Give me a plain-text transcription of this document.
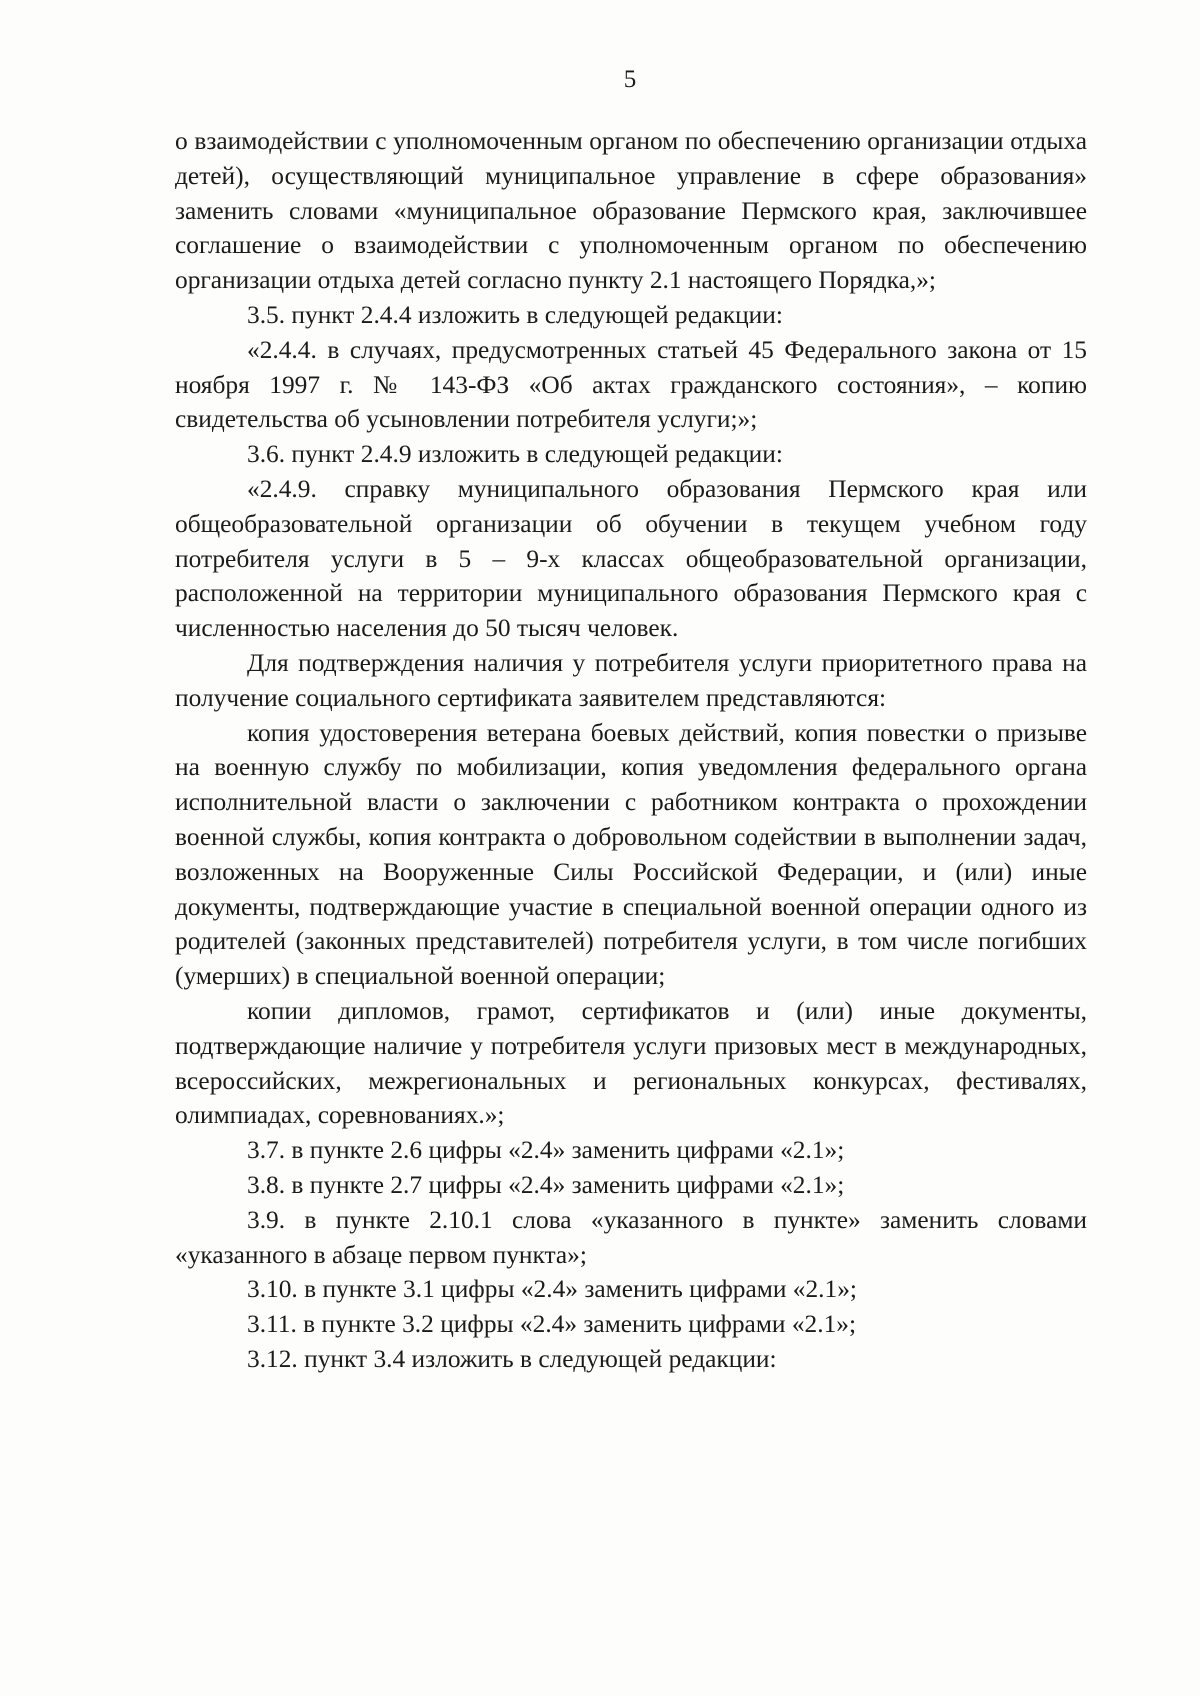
5

о взаимодействии с уполномоченным органом по обеспечению организации отдыха детей), осуществляющий муниципальное управление в сфере образования» заменить словами «муниципальное образование Пермского края, заключившее соглашение о взаимодействии с уполномоченным органом по обеспечению организации отдыха детей согласно пункту 2.1 настоящего Порядка,»;

3.5. пункт 2.4.4 изложить в следующей редакции:

«2.4.4. в случаях, предусмотренных статьей 45 Федерального закона от 15 ноября 1997 г. № 143-ФЗ «Об актах гражданского состояния», – копию свидетельства об усыновлении потребителя услуги;»;

3.6. пункт 2.4.9 изложить в следующей редакции:

«2.4.9. справку муниципального образования Пермского края или общеобразовательной организации об обучении в текущем учебном году потребителя услуги в 5 – 9-х классах общеобразовательной организации, расположенной на территории муниципального образования Пермского края с численностью населения до 50 тысяч человек.

Для подтверждения наличия у потребителя услуги приоритетного права на получение социального сертификата заявителем представляются:

копия удостоверения ветерана боевых действий, копия повестки о призыве на военную службу по мобилизации, копия уведомления федерального органа исполнительной власти о заключении с работником контракта о прохождении военной службы, копия контракта о добровольном содействии в выполнении задач, возложенных на Вооруженные Силы Российской Федерации, и (или) иные документы, подтверждающие участие в специальной военной операции одного из родителей (законных представителей) потребителя услуги, в том числе погибших (умерших) в специальной военной операции;

копии дипломов, грамот, сертификатов и (или) иные документы, подтверждающие наличие у потребителя услуги призовых мест в международных, всероссийских, межрегиональных и региональных конкурсах, фестивалях, олимпиадах, соревнованиях.»;

3.7. в пункте 2.6 цифры «2.4» заменить цифрами «2.1»;

3.8. в пункте 2.7 цифры «2.4» заменить цифрами «2.1»;

3.9. в пункте 2.10.1 слова «указанного в пункте» заменить словами «указанного в абзаце первом пункта»;

3.10. в пункте 3.1 цифры «2.4» заменить цифрами «2.1»;

3.11. в пункте 3.2 цифры «2.4» заменить цифрами «2.1»;

3.12. пункт 3.4 изложить в следующей редакции:
